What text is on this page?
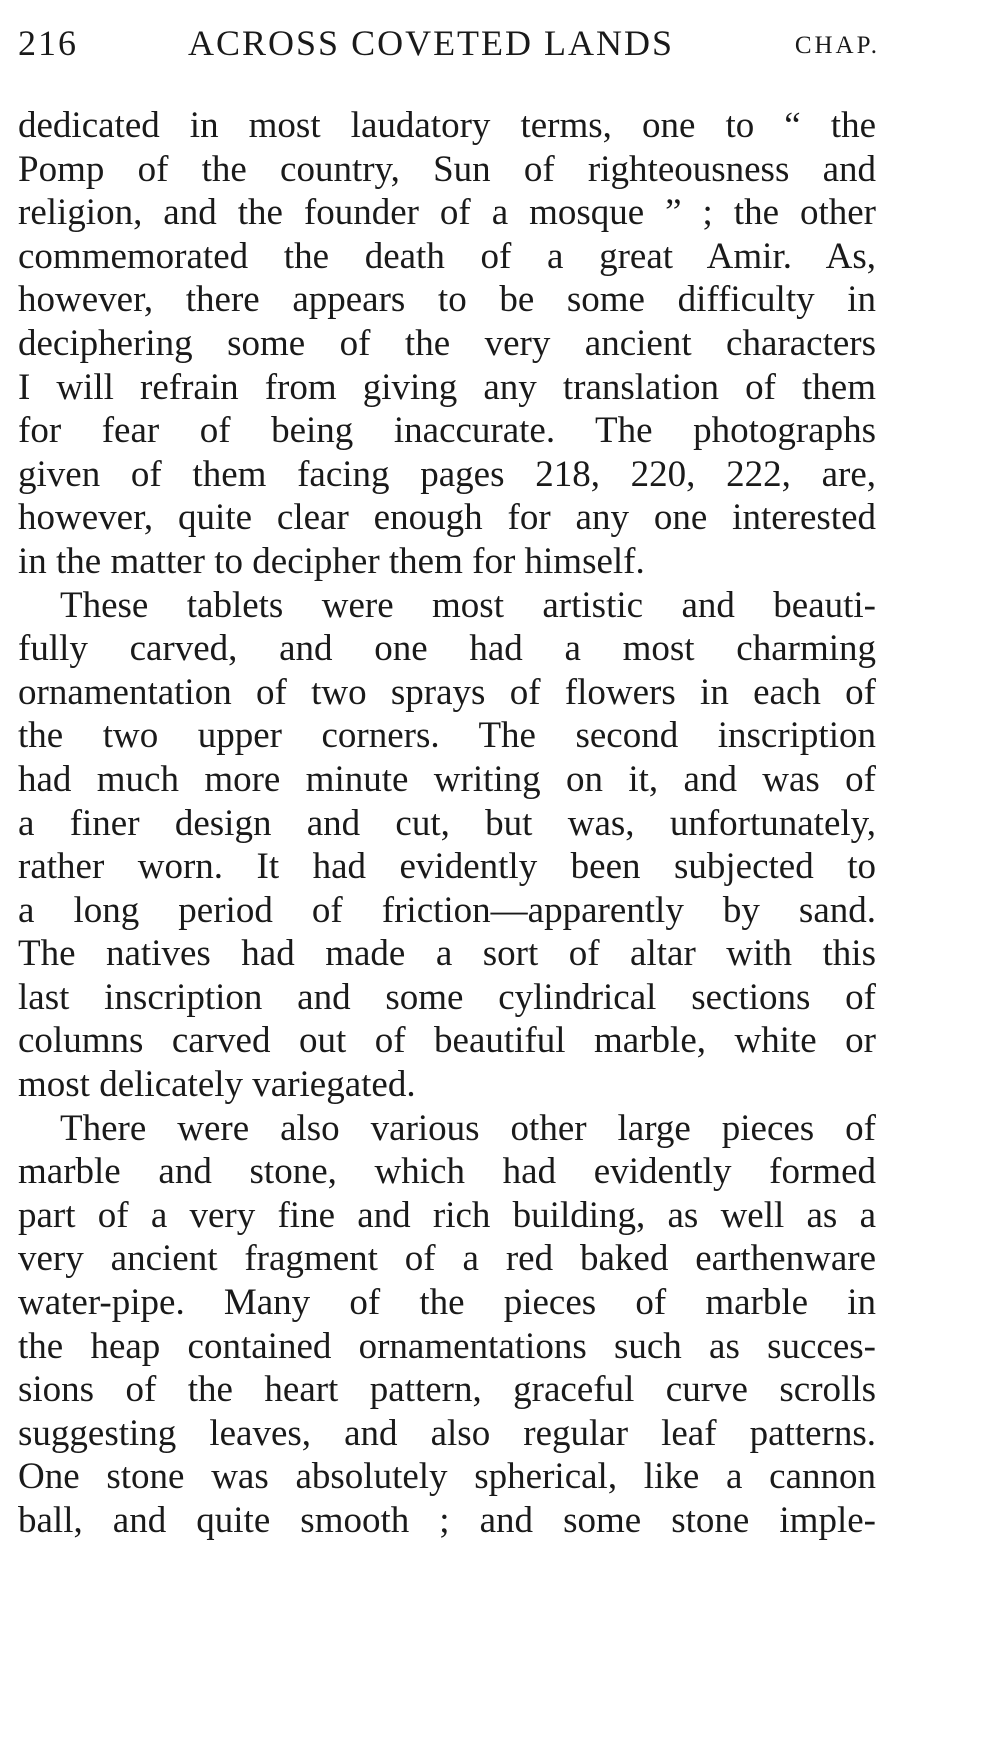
216	ACROSS COVETED LANDS	CHAP.
dedicated in most laudatory terms, one to “ the
Pomp of the country, Sun of righteousness and
religion, and the founder of a mosque ” ; the other
commemorated the death of a great Amir. As,
however, there appears to be some difficulty in
deciphering some of the very ancient characters
I will refrain from giving any translation of them
for fear of being inaccurate. The photographs
given of them facing pages 218, 220, 222, are,
however, quite clear enough for any one interested
in the matter to decipher them for himself.
These tablets were most artistic and beauti-
fully carved, and one had a most charming
ornamentation of two sprays of flowers in each of
the two upper corners. The second inscription
had much more minute writing on it, and was of
a finer design and cut, but was, unfortunately,
rather worn. It had evidently been subjected to
a long period of friction—apparently by sand.
The natives had made a sort of altar with this
last inscription and some cylindrical sections of
columns carved out of beautiful marble, white or
most delicately variegated.
There were also various other large pieces of
marble and stone, which had evidently formed
part of a very fine and rich building, as well as a
very ancient fragment of a red baked earthenware
water-pipe. Many of the pieces of marble in
the heap contained ornamentations such as succes-
sions of the heart pattern, graceful curve scrolls
suggesting leaves, and also regular leaf patterns.
One stone was absolutely spherical, like a cannon
ball, and quite smooth ; and some stone imple-
